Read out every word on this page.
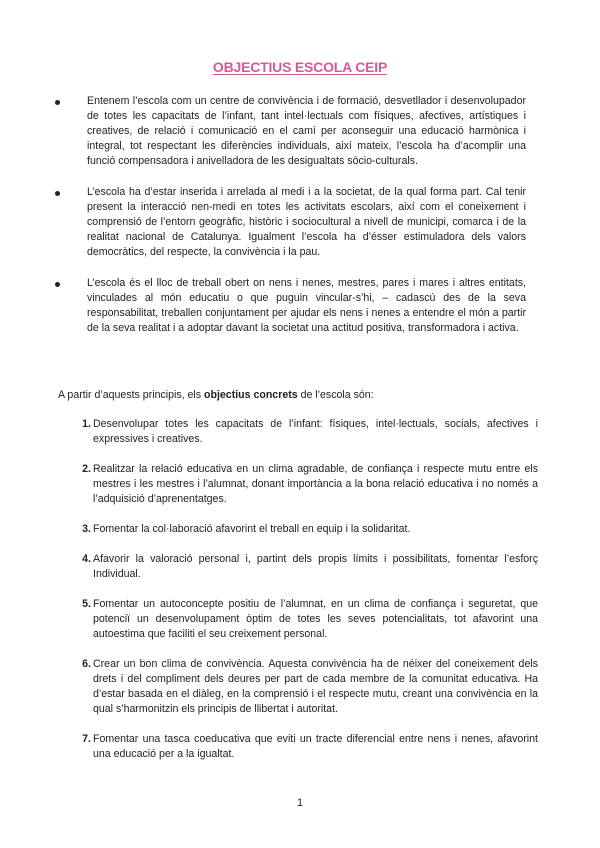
OBJECTIUS ESCOLA CEIP
Entenem l’escola com un centre de convivència i de formació, desvetllador i desenvolupador de totes les capacitats de l’infant, tant intel·lectuals com físiques, afectives, artístiques i creatives, de relació i comunicació en el camí per aconseguir una educació harmònica i integral, tot respectant les diferències individuals, així mateix, l’escola ha d’acomplir una funció compensadora i anivelladora de les desigualtats sòcio-culturals.
L’escola ha d’estar inserida i arrelada al medi i a la societat, de la qual forma part. Cal tenir present la interacció nen-medi en totes les activitats escolars, així com el coneixement i comprensió de l’entorn geogràfic, històric i sociocultural a nivell de municipi, comarca i de la realitat nacional de Catalunya. Igualment l’escola ha d’ésser estimuladora dels valors democràtics, del respecte, la convivència i la pau.
L’escola és el lloc de treball obert on nens i nenes, mestres, pares i mares i altres entitats, vinculades al món educatiu o que puguin vincular-s’hi, – cadascú des de la seva responsabilitat, treballen conjuntament per ajudar els nens i nenes a entendre el món a partir de la seva realitat i a adoptar davant la societat una actitud positiva, transformadora i activa.
A partir d’aquests principis, els objectius concrets de l’escola són:
1. Desenvolupar totes les capacitats de l’infant: físiques, intel·lectuals, socials, afectives i expressives i creatives.
2. Realitzar la relació educativa en un clima agradable, de confiança i respecte mutu entre els mestres i les mestres i l’alumnat, donant importància a la bona relació educativa i no només a l’adquisició d’aprenentatges.
3. Fomentar la col·laboració afavorint el treball en equip i la solidaritat.
4. Afavorir la valoració personal i, partint dels propis límits i possibilitats, fomentar l’esforç Individual.
5. Fomentar un autoconcepte positiu de l’alumnat, en un clima de confiança i seguretat, que potenciï un desenvolupament òptim de totes les seves potencialitats, tot afavorint una autoestima que faciliti el seu creixement personal.
6. Crear un bon clima de convivència. Aquesta convivència ha de néixer del coneixement dels drets i del compliment dels deures per part de cada membre de la comunitat educativa. Ha d’estar basada en el diàleg, en la comprensió i el respecte mutu, creant una convivència en la qual s’harmonitzin els principis de llibertat i autoritat.
7. Fomentar una tasca coeducativa que eviti un tracte diferencial entre nens i nenes, afavorint una educació per a la igualtat.
1
